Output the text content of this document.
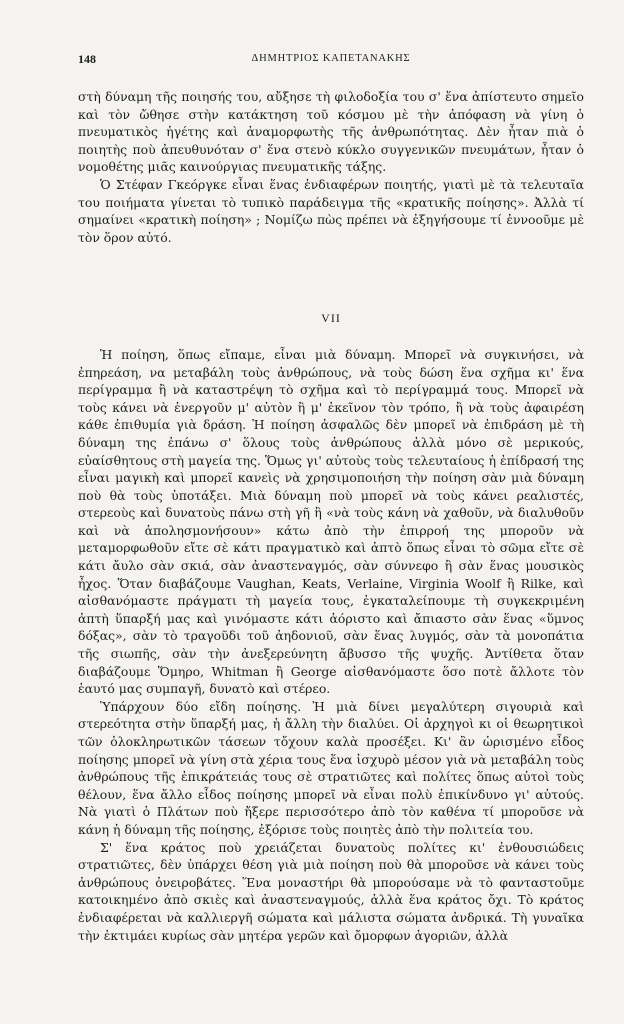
148	ΔΗΜΗΤΡΙΟΣ ΚΑΠΕΤΑΝΑΚΗΣ

στὴ δύναμη τῆς ποιησής του, αὔξησε τὴ φιλοδοξία του σ' ἕνα ἀπίστευτο σημεῖο καὶ τὸν ὤθησε στὴν κατάκτηση τοῦ κόσμου μὲ τὴν ἀπόφαση νὰ γίνη ὁ πνευματικὸς ἡγέτης καὶ ἀναμορφωτὴς τῆς ἀνθρωπότητας. Δὲν ἦταν πιὰ ὁ ποιητὴς ποὺ ἀπευθυνόταν σ' ἕνα στενὸ κύκλο συγγενικῶν πνευμάτων, ἦταν ὁ νομοθέτης μιᾶς καινούργιας πνευματικῆς τάξης.

Ὁ Στέφαν Γκεόργκε εἶναι ἕνας ἐνδιαφέρων ποιητής, γιατὶ μὲ τὰ τελευταῖα του ποιήματα γίνεται τὸ τυπικὸ παράδειγμα τῆς «κρατικῆς ποίησης». Ἀλλὰ τί σημαίνει «κρατικὴ ποίηση» ; Νομίζω πὼς πρέπει νὰ ἐξηγήσουμε τί ἐννοοῦμε μὲ τὸν ὅρον αὐτό.

VII

Ἡ ποίηση, ὅπως εἴπαμε, εἶναι μιὰ δύναμη. Μπορεῖ νὰ συγκινήσει, νὰ ἐπηρεάση, να μεταβάλη τοὺς ἀνθρώπους, νὰ τοὺς δώση ἕνα σχῆμα κι' ἕνα περίγραμμα ἢ νὰ καταστρέψη τὸ σχῆμα καὶ τὸ περίγραμμά τους. Μπορεῖ νὰ τοὺς κάνει νὰ ἐνεργοῦν μ' αὐτὸν ἢ μ' ἐκεῖνον τὸν τρόπο, ἢ νὰ τοὺς ἀφαιρέση κάθε ἐπιθυμία γιὰ δράση. Ἡ ποίηση ἀσφαλῶς δὲν μπορεῖ νὰ ἐπιδράση μὲ τὴ δύναμη της ἐπάνω σ' ὅλους τοὺς ἀνθρώπους ἀλλὰ μόνο σὲ μερικούς, εὐαίσθητους στὴ μαγεία της. Ὅμως γι' αὐτοὺς τοὺς τελευταίους ἡ ἐπίδρασή της εἶναι μαγικὴ καὶ μπορεῖ κανεὶς νὰ χρησιμοποιήση τὴν ποίηση σὰν μιὰ δύναμη ποὺ θὰ τοὺς ὑποτάξει. Μιὰ δύναμη ποὺ μπορεῖ νὰ τοὺς κάνει ρεαλιστές, στερεοὺς καὶ δυνατοὺς πάνω στὴ γῆ ἢ «νὰ τοὺς κάνη νὰ χαθοῦν, νὰ διαλυθοῦν καὶ νὰ ἀπολησμονήσουν» κάτω ἀπὸ τὴν ἐπιρροή της μποροῦν νὰ μεταμορφωθοῦν εἴτε σὲ κάτι πραγματικὸ καὶ ἀπτὸ ὅπως εἶναι τὸ σῶμα εἴτε σὲ κάτι ἄυλο σὰν σκιά, σὰν ἀναστεναγμός, σὰν σύννεφο ἢ σὰν ἕνας μουσικὸς ἦχος. Ὅταν διαβάζουμε Vaughan, Keats, Verlaine, Virginia Woolf ἢ Rilke, καὶ αἰσθανόμαστε πράγματι τὴ μαγεία τους, ἐγκαταλείπουμε τὴ συγκεκριμένη ἁπτὴ ὕπαρξή μας καὶ γινόμαστε κάτι ἀόριστο καὶ ἄπιαστο σὰν ἕνας «ὕμνος δόξας», σὰν τὸ τραγοῦδι τοῦ ἀηδονιοῦ, σὰν ἕνας λυγμός, σὰν τὰ μονοπάτια τῆς σιωπῆς, σὰν τὴν ἀνεξερεύνητη ἄβυσσο τῆς ψυχῆς. Ἀντίθετα ὅταν διαβάζουμε Ὅμηρο, Whitman ἢ George αἰσθανόμαστε ὅσο ποτὲ ἄλλοτε τὸν ἑαυτό μας συμπαγῆ, δυνατὸ καὶ στέρεο.

Ὑπάρχουν δύο εἴδη ποίησης. Ἡ μιὰ δίνει μεγαλύτερη σιγουριὰ καὶ στερεότητα στὴν ὕπαρξή μας, ἡ ἄλλη τὴν διαλύει. Οἱ ἀρχηγοὶ κι οἱ θεωρητικοὶ τῶν ὁλοκληρωτικῶν τάσεων τὄχουν καλὰ προσέξει. Κι' ἂν ὡρισμένο εἶδος ποίησης μπορεῖ νὰ γίνη στὰ χέρια τους ἕνα ἰσχυρὸ μέσον γιὰ νὰ μεταβάλη τοὺς ἀνθρώπους τῆς ἐπικράτειάς τους σὲ στρατιῶτες καὶ πολίτες ὅπως αὐτοὶ τοὺς θέλουν, ἕνα ἄλλο εἶδος ποίησης μπορεῖ νὰ εἶναι πολὺ ἐπικίνδυνο γι' αὐτούς. Νὰ γιατὶ ὁ Πλάτων ποὺ ἤξερε περισσότερο ἀπὸ τὸν καθένα τί μποροῦσε νὰ κάνη ἡ δύναμη τῆς ποίησης, ἐξόρισε τοὺς ποιητὲς ἀπὸ τὴν πολιτεία του.

Σ' ἕνα κράτος ποὺ χρειάζεται δυνατοὺς πολίτες κι' ἐνθουσιώδεις στρατιῶτες, δὲν ὑπάρχει θέση γιὰ μιὰ ποίηση ποὺ θὰ μποροῦσε νὰ κάνει τοὺς ἀνθρώπους ὀνειροβάτες. Ἕνα μοναστήρι θὰ μπορούσαμε νὰ τὸ φανταστοῦμε κατοικημένο ἀπὸ σκιὲς καὶ ἀναστεναγμούς, ἀλλὰ ἕνα κράτος ὄχι. Τὸ κράτος ἐνδιαφέρεται νὰ καλλιεργῆ σώματα καὶ μάλιστα σώματα ἀνδρικά. Τὴ γυναῖκα τὴν ἐκτιμάει κυρίως σὰν μητέρα γερῶν καὶ ὄμορφων ἀγοριῶν, ἀλλὰ
